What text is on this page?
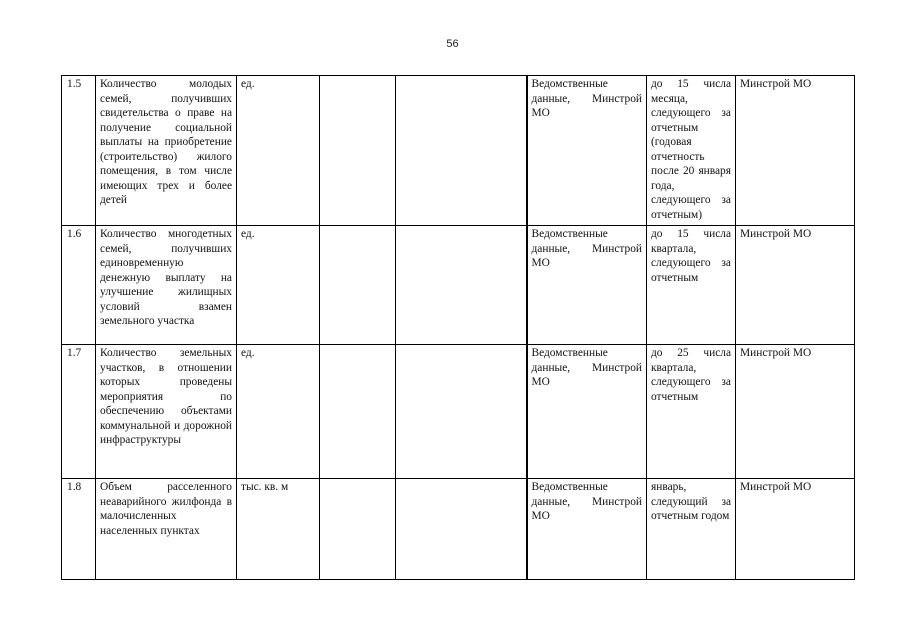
56
1.5	Количество молодых семей, получивших свидетельства о праве на получение социальной выплаты на приобретение (строительство) жилого помещения, в том числе имеющих трех и более детей	ед.			Ведомственные данные, Минстрой МО	до 15 числа месяца, следующего за отчетным (годовая отчетность после 20 января года, следующего за отчетным)	Минстрой МО
1.6	Количество многодетных семей, получивших единовременную денежную выплату на улучшение жилищных условий взамен земельного участка	ед.			Ведомственные данные, Минстрой МО	до 15 числа квартала, следующего за отчетным	Минстрой МО
1.7	Количество земельных участков, в отношении которых проведены мероприятия по обеспечению объектами коммунальной и дорожной инфраструктуры	ед.			Ведомственные данные, Минстрой МО	до 25 числа квартала, следующего за отчетным	Минстрой МО
1.8	Объем расселенного неаварийного жилфонда в малочисленных населенных пунктах	тыс. кв. м			Ведомственные данные, Минстрой МО	январь, следующий за отчетным годом	Минстрой МО
